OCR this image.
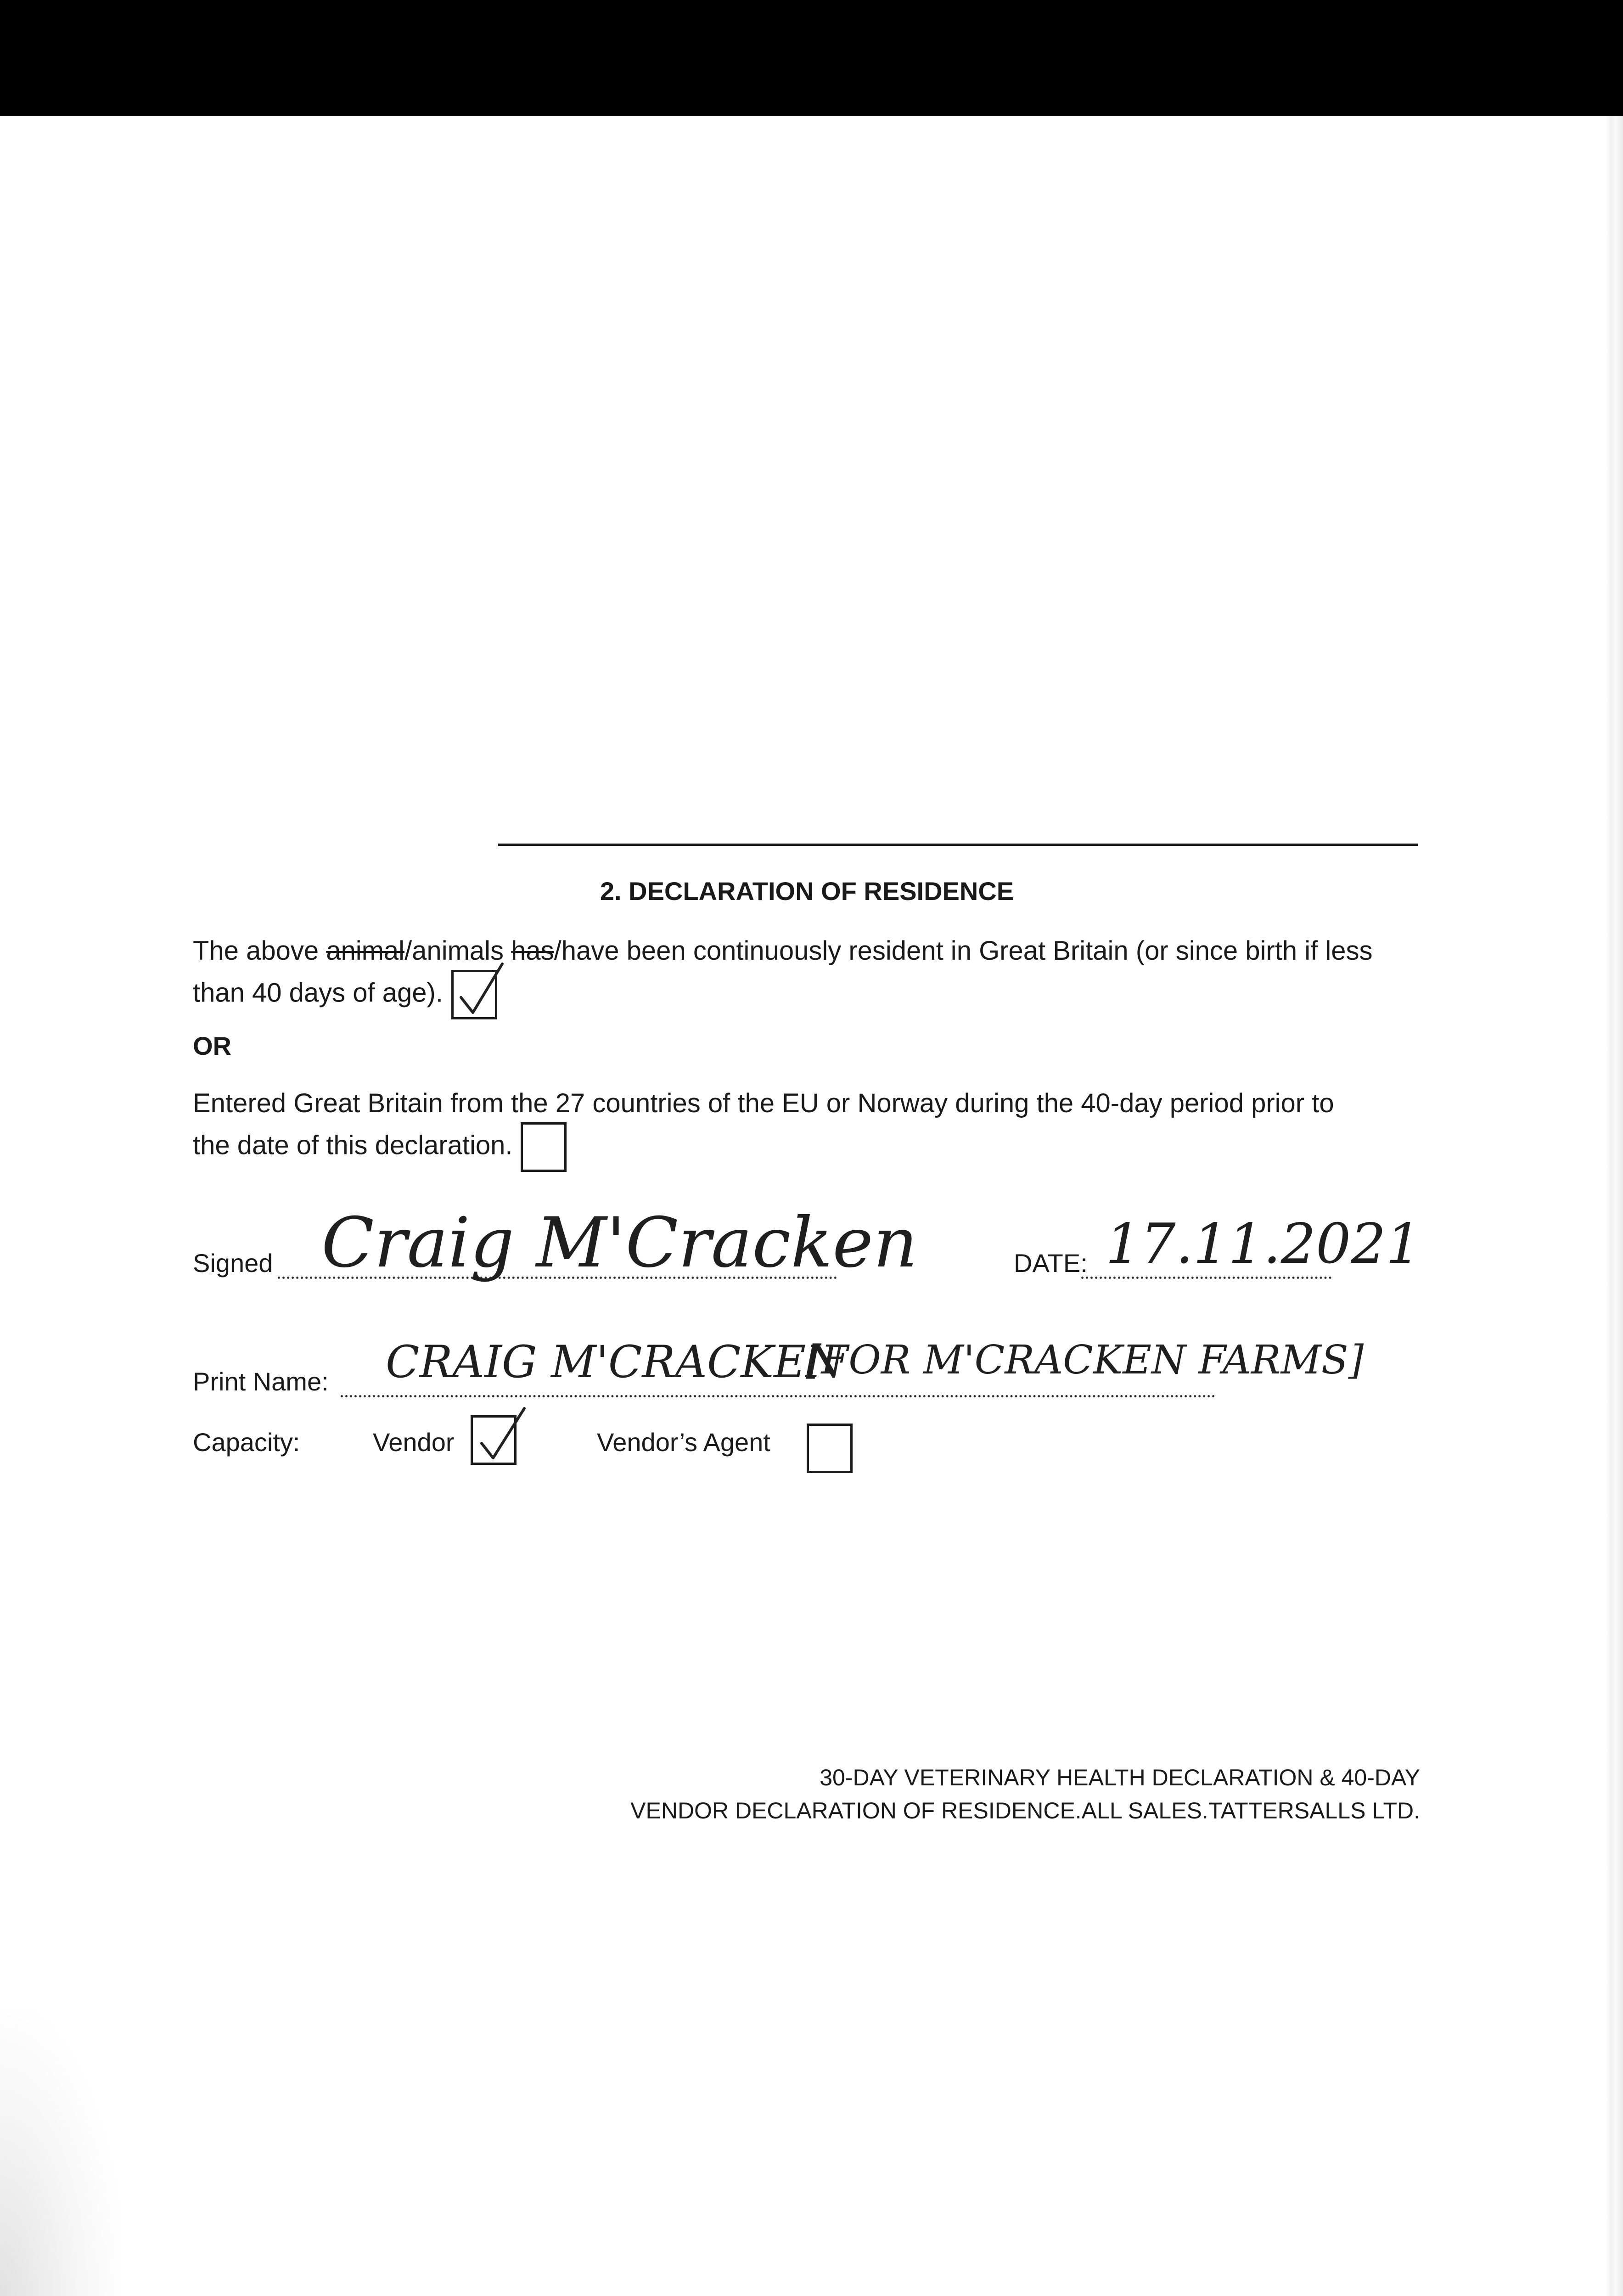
2. DECLARATION OF RESIDENCE
The above animal/animals has/have been continuously resident in Great Britain (or since birth if less
than 40 days of age).
OR
Entered Great Britain from the 27 countries of the EU or Norway during the 40-day period prior to
the date of this declaration.
Signed Craig M'Cracken	DATE: 17.11.2021
Print Name: CRAIG M'CRACKEN
[FOR M'CRACKEN FARMS]
Capacity:	Vendor	Vendor’s Agent
30-DAY VETERINARY HEALTH DECLARATION & 40-DAY
VENDOR DECLARATION OF RESIDENCE.ALL SALES.TATTERSALLS LTD.
